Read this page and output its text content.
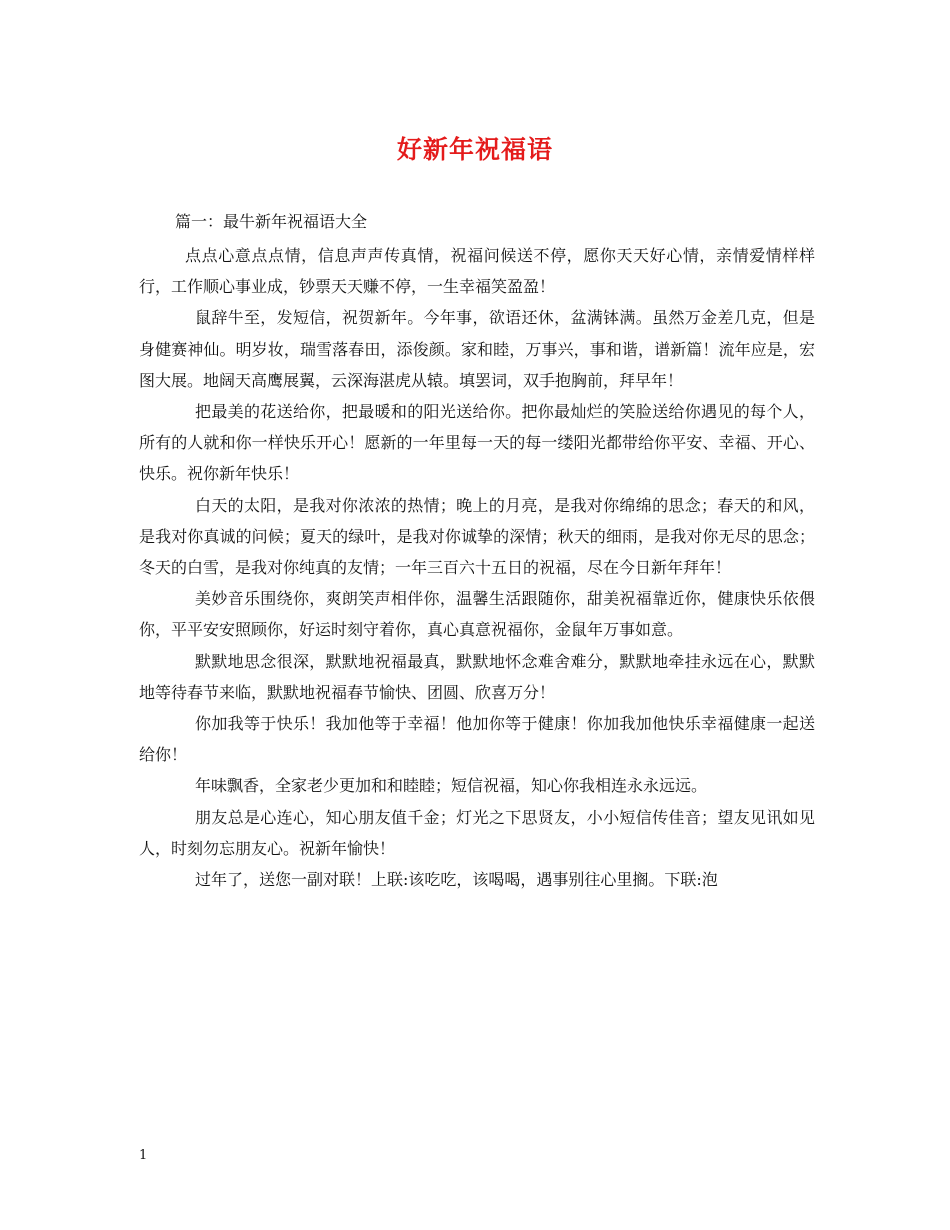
好新年祝福语
篇一：最牛新年祝福语大全

点点心意点点情，信息声声传真情，祝福问候送不停，愿你天天好心情，亲情爱情样样行，工作顺心事业成，钞票天天赚不停，一生幸福笑盈盈！

鼠辞牛至，发短信，祝贺新年。今年事，欲语还休，盆满钵满。虽然万金差几克，但是身健赛神仙。明岁妆，瑞雪落春田，添俊颜。家和睦，万事兴，事和谐，谱新篇！流年应是，宏图大展。地阔天高鹰展翼，云深海湛虎从辕。填罢词，双手抱胸前，拜早年！

把最美的花送给你，把最暖和的阳光送给你。把你最灿烂的笑脸送给你遇见的每个人，所有的人就和你一样快乐开心！愿新的一年里每一天的每一缕阳光都带给你平安、幸福、开心、快乐。祝你新年快乐！

白天的太阳，是我对你浓浓的热情；晚上的月亮，是我对你绵绵的思念；春天的和风，是我对你真诚的问候；夏天的绿叶，是我对你诚挚的深情；秋天的细雨，是我对你无尽的思念；冬天的白雪，是我对你纯真的友情；一年三百六十五日的祝福，尽在今日新年拜年！

美妙音乐围绕你，爽朗笑声相伴你，温馨生活跟随你，甜美祝福靠近你，健康快乐依偎你，平平安安照顾你，好运时刻守着你，真心真意祝福你，金鼠年万事如意。

默默地思念很深，默默地祝福最真，默默地怀念难舍难分，默默地牵挂永远在心，默默地等待春节来临，默默地祝福春节愉快、团圆、欣喜万分！

你加我等于快乐！我加他等于幸福！他加你等于健康！你加我加他快乐幸福健康一起送给你！

年味飘香，全家老少更加和和睦睦；短信祝福，知心你我相连永永远远。

朋友总是心连心，知心朋友值千金；灯光之下思贤友，小小短信传佳音；望友见讯如见人，时刻勿忘朋友心。祝新年愉快！

过年了，送您一副对联！上联:该吃吃，该喝喝，遇事别往心里搁。下联:泡

1
